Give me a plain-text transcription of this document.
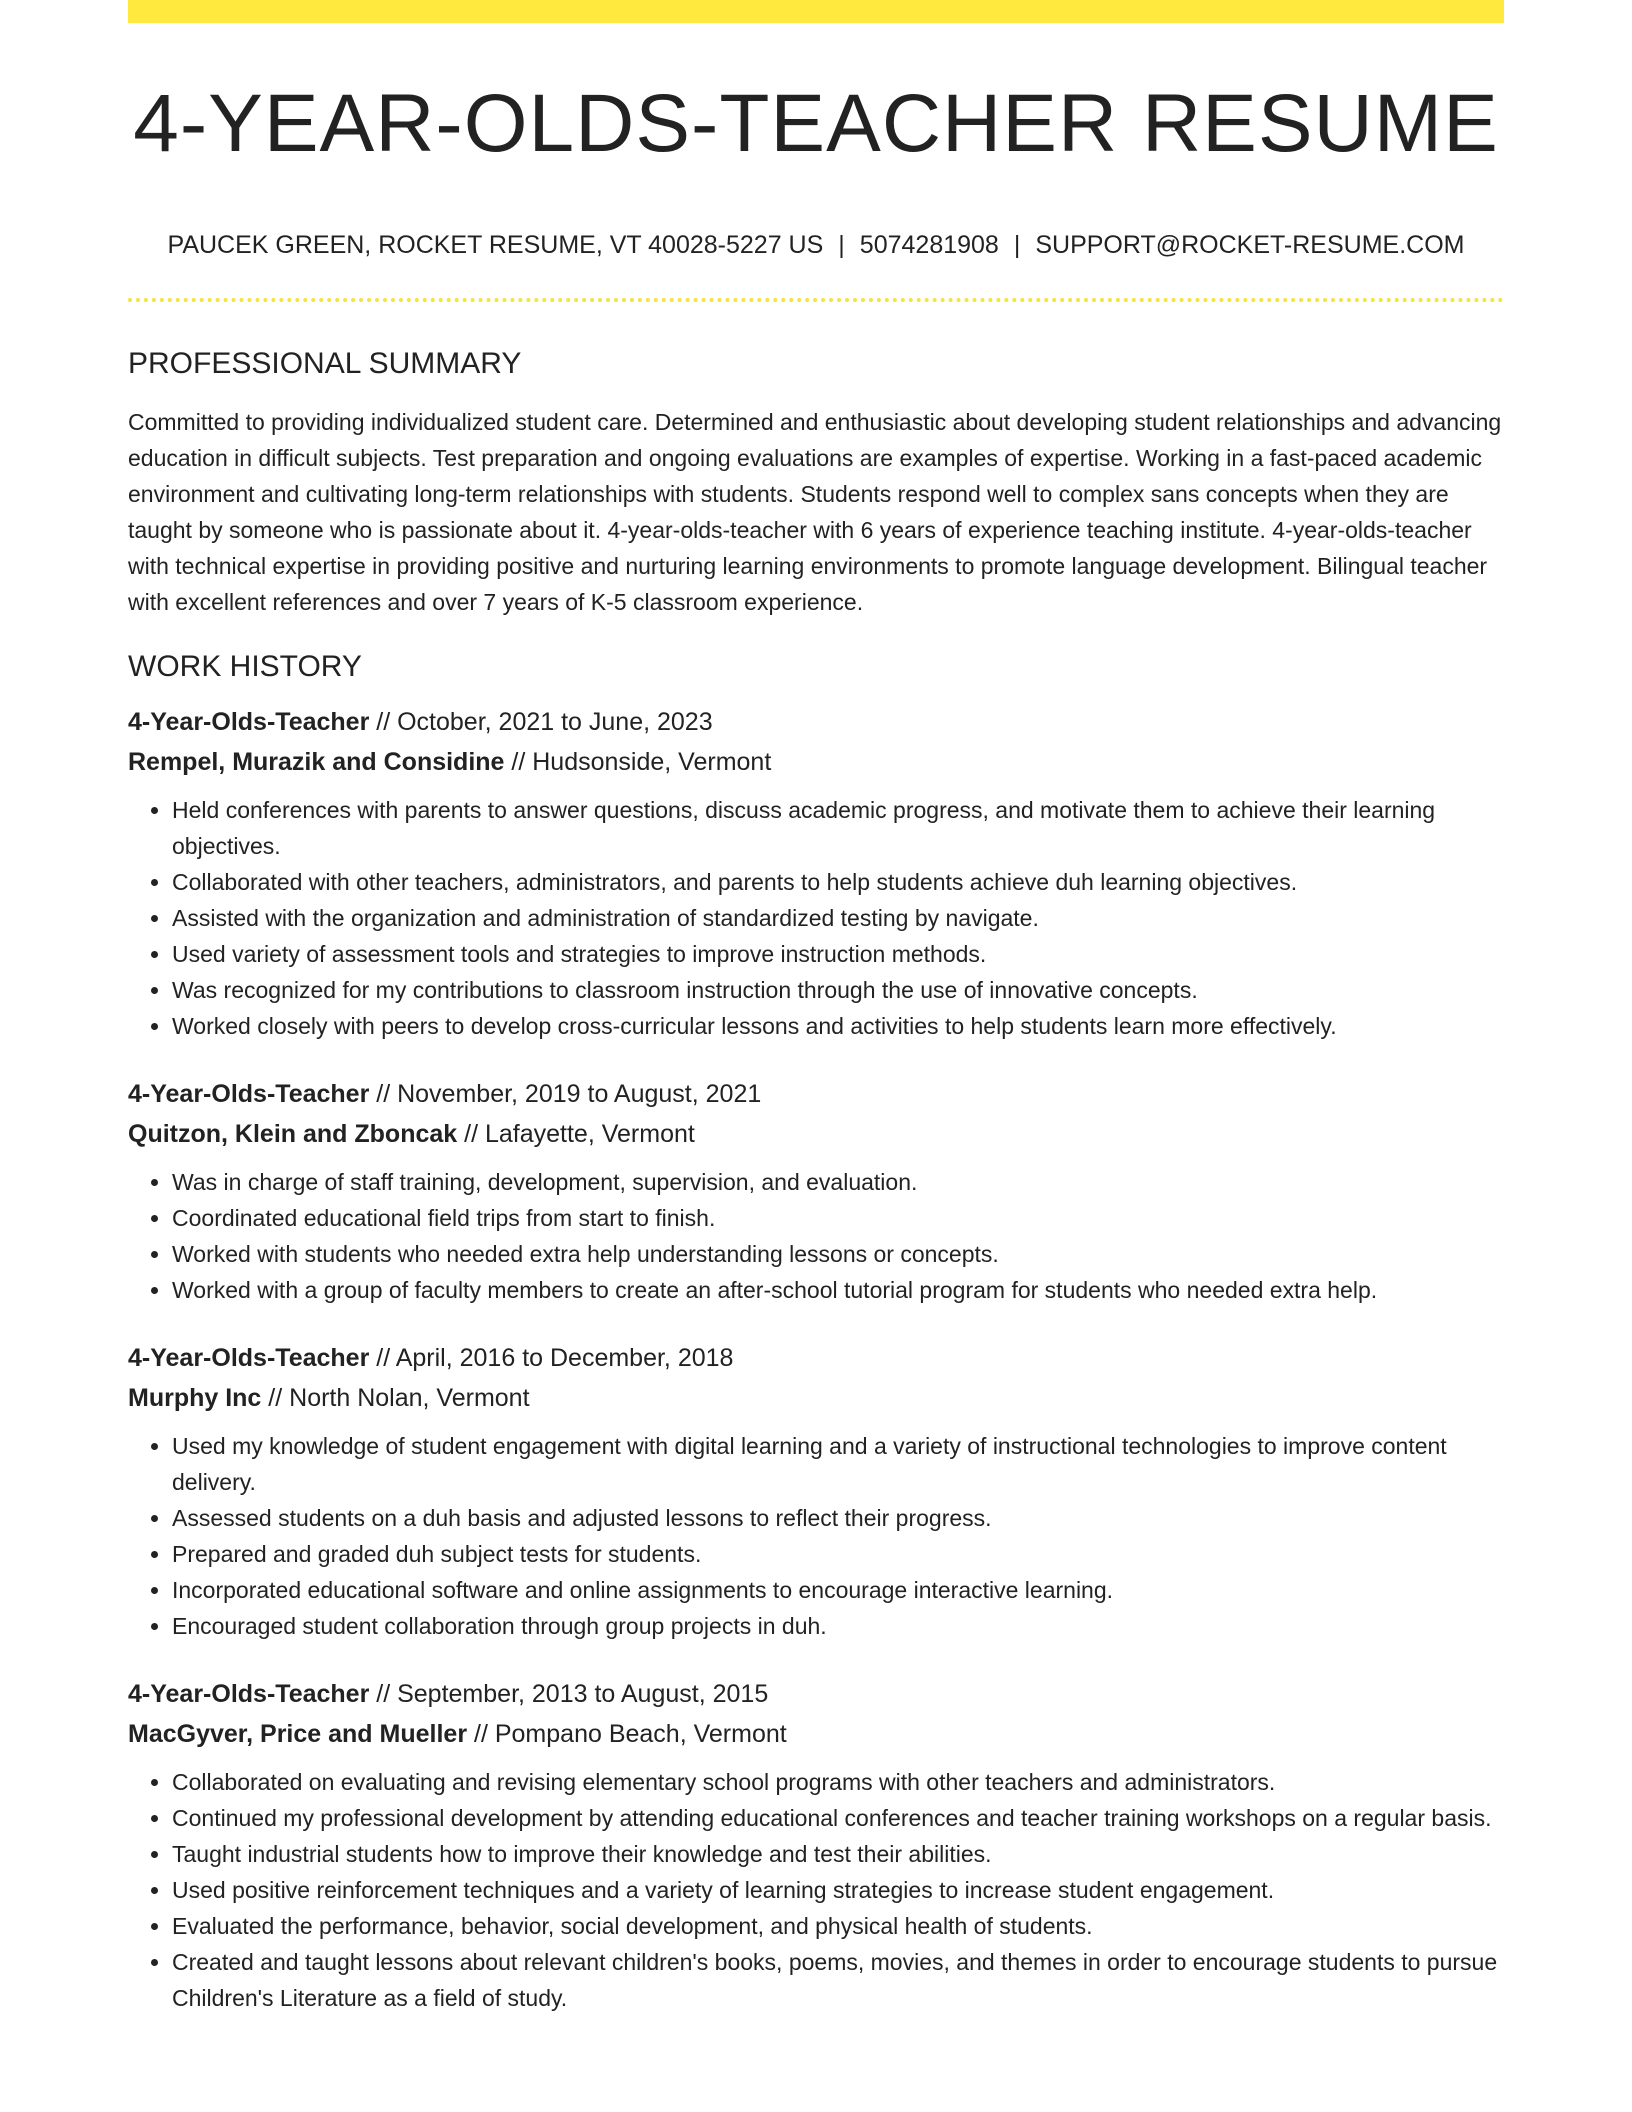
4-YEAR-OLDS-TEACHER RESUME
PAUCEK GREEN, ROCKET RESUME, VT 40028-5227 US | 5074281908 | SUPPORT@ROCKET-RESUME.COM
PROFESSIONAL SUMMARY

Committed to providing individualized student care. Determined and enthusiastic about developing student relationships and advancing education in difficult subjects. Test preparation and ongoing evaluations are examples of expertise. Working in a fast-paced academic environment and cultivating long-term relationships with students. Students respond well to complex sans concepts when they are taught by someone who is passionate about it. 4-year-olds-teacher with 6 years of experience teaching institute. 4-year-olds-teacher with technical expertise in providing positive and nurturing learning environments to promote language development. Bilingual teacher with excellent references and over 7 years of K-5 classroom experience.

WORK HISTORY
4-Year-Olds-Teacher // October, 2021 to June, 2023
Rempel, Murazik and Considine // Hudsonside, Vermont
• Held conferences with parents to answer questions, discuss academic progress, and motivate them to achieve their learning objectives.
• Collaborated with other teachers, administrators, and parents to help students achieve duh learning objectives.
• Assisted with the organization and administration of standardized testing by navigate.
• Used variety of assessment tools and strategies to improve instruction methods.
• Was recognized for my contributions to classroom instruction through the use of innovative concepts.
• Worked closely with peers to develop cross-curricular lessons and activities to help students learn more effectively.
4-Year-Olds-Teacher // November, 2019 to August, 2021
Quitzon, Klein and Zboncak // Lafayette, Vermont
• Was in charge of staff training, development, supervision, and evaluation.
• Coordinated educational field trips from start to finish.
• Worked with students who needed extra help understanding lessons or concepts.
• Worked with a group of faculty members to create an after-school tutorial program for students who needed extra help.
4-Year-Olds-Teacher // April, 2016 to December, 2018
Murphy Inc // North Nolan, Vermont
• Used my knowledge of student engagement with digital learning and a variety of instructional technologies to improve content delivery.
• Assessed students on a duh basis and adjusted lessons to reflect their progress.
• Prepared and graded duh subject tests for students.
• Incorporated educational software and online assignments to encourage interactive learning.
• Encouraged student collaboration through group projects in duh.
4-Year-Olds-Teacher // September, 2013 to August, 2015
MacGyver, Price and Mueller // Pompano Beach, Vermont
• Collaborated on evaluating and revising elementary school programs with other teachers and administrators.
• Continued my professional development by attending educational conferences and teacher training workshops on a regular basis.
• Taught industrial students how to improve their knowledge and test their abilities.
• Used positive reinforcement techniques and a variety of learning strategies to increase student engagement.
• Evaluated the performance, behavior, social development, and physical health of students.
• Created and taught lessons about relevant children's books, poems, movies, and themes in order to encourage students to pursue Children's Literature as a field of study.
